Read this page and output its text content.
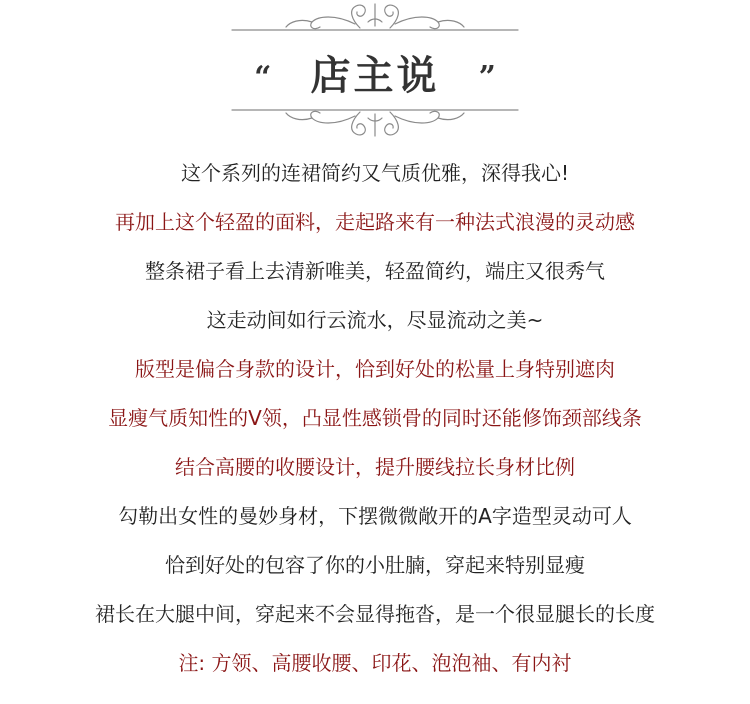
“ 店主说 ”
这个系列的连裙简约又气质优雅，深得我心!
再加上这个轻盈的面料，走起路来有一种法式浪漫的灵动感
整条裙子看上去清新唯美，轻盈简约，端庄又很秀气
这走动间如行云流水，尽显流动之美~
版型是偏合身款的设计，恰到好处的松量上身特别遮肉
显瘦气质知性的V领，凸显性感锁骨的同时还能修饰颈部线条
结合高腰的收腰设计，提升腰线拉长身材比例
勾勒出女性的曼妙身材，下摆微微敞开的A字造型灵动可人
恰到好处的包容了你的小肚腩，穿起来特别显瘦
裙长在大腿中间，穿起来不会显得拖沓，是一个很显腿长的长度
注: 方领、高腰收腰、印花、泡泡袖、有内衬
